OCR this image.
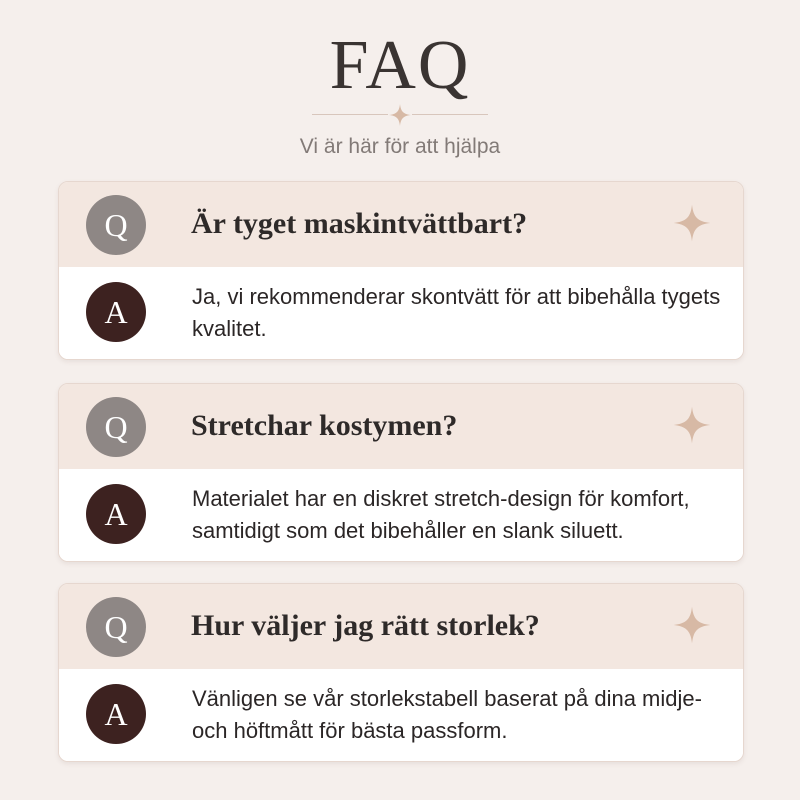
FAQ
Vi är här för att hjälpa
Q	Är tyget maskintvättbart?
A	Ja, vi rekommenderar skontvätt för att bibehålla tygets kvalitet.
Q	Stretchar kostymen?
A	Materialet har en diskret stretch-design för komfort, samtidigt som det bibehåller en slank siluett.
Q	Hur väljer jag rätt storlek?
A	Vänligen se vår storlekstabell baserat på dina midje- och höftmått för bästa passform.
